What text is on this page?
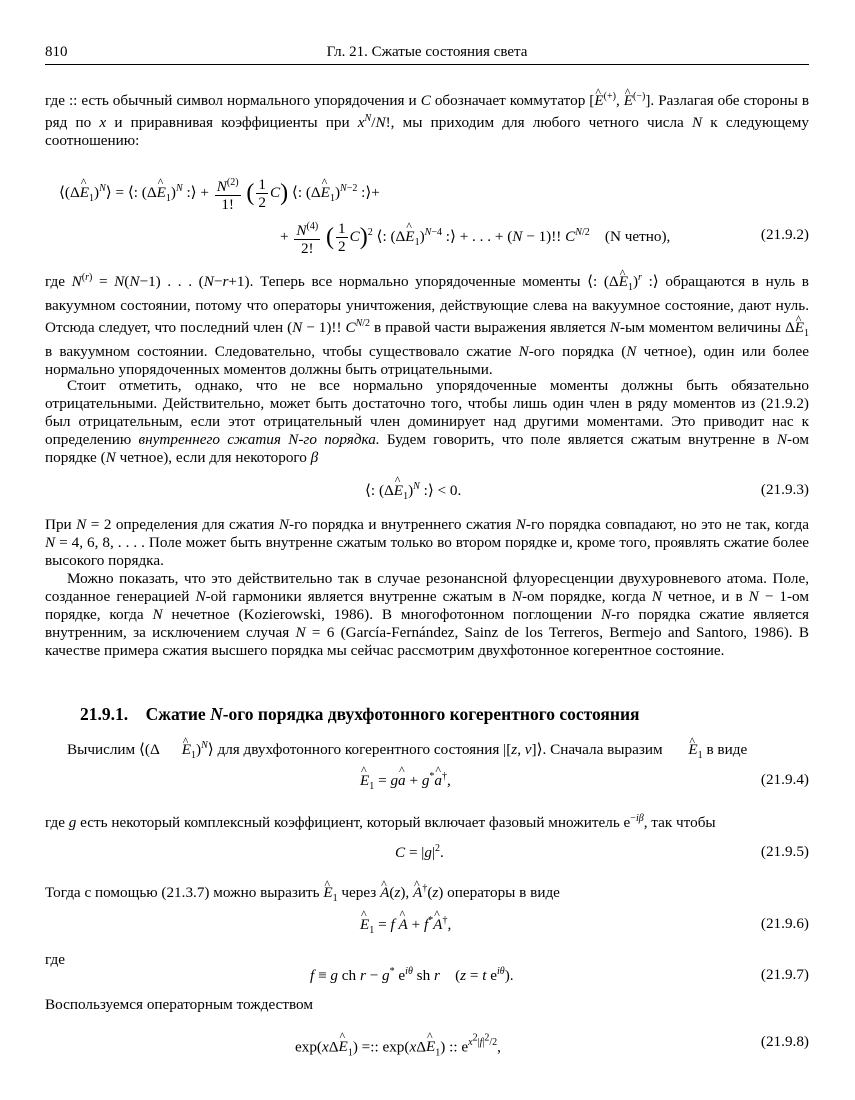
810	Гл. 21. Сжатые состояния света

где :: есть обычный символ нормального упорядочения и C обозначает коммутатор [^ E(+), ^ E(−)]. Разлагая обе стороны в ряд по x и приравнивая коэффициенты при $x^N/N$!, мы приходим для любого четного числа N к следующему соотношению:

⟨(Δ^ $E_1)^N⟩$ = ⟨: (Δ^ $E_1)^N$ :⟩ + $\frac{N^{(2)}}{1!}$ ( $\frac{1}{2} C$) ⟨: (Δ^ $E_1)^{N-2}$ :⟩+
+ $\frac{N^{(4)}}{2!}$ ( $\frac{1}{2} C)^2$ ⟨: (Δ^ $E_1)^{N-4}$ :⟩ + . . . + (N − 1)!! $C^{N/2}$ (N четно),	(21.9.2)

где $N^{(r)} = N(N-1)$ . . . (N−r+1). Теперь все нормально упорядоченные моменты ⟨: (Δ^ $E_1)^r$ :⟩ обращаются в нуль в вакуумном состоянии, потому что операторы уничтожения, действующие слева на вакуумное состояние, дают нуль. Отсюда следует, что последний член (N − 1)!! $C^{N/2}$ в правой части выражения является N-ым моментом величины Δ^ $E_1$ в вакуумном состоянии. Следовательно, чтобы существовало сжатие N-ого порядка (N четное), один или более нормально упорядоченных моментов должны быть отрицательными.

Стоит отметить, однако, что не все нормально упорядоченные моменты должны быть обязательно отрицательными. Действительно, может быть достаточно того, чтобы лишь один член в ряду моментов из (21.9.2) был отрицательным, если этот отрицательный член доминирует над другими моментами. Это приводит нас к определению внутреннего сжатия N-го порядка. Будем говорить, что поле является сжатым внутренне в N-ом порядке (N четное), если для некоторого β

⟨: (Δ^ $E_1)^N$ :⟩ < 0.	(21.9.3)

При N = 2 определения для сжатия N-го порядка и внутреннего сжатия N-го порядка совпадают, но это не так, когда N = 4, 6, 8, . . . . Поле может быть внутренне сжатым только во втором порядке и, кроме того, проявлять сжатие более высокого порядка.

Можно показать, что это действительно так в случае резонансной флуоресценции двухуровневого атома. Поле, созданное генерацией N-ой гармоники является внутренне сжатым в N-ом порядке, когда N четное, и в N − 1-ом порядке, когда N нечетное (Kozierowski, 1986). В многофотонном поглощении N-го порядка сжатие является внутренним, за исключением случая N = 6 (García-Fernández, Sainz de los Terreros, Bermejo and Santoro, 1986). В качестве примера сжатия высшего порядка мы сейчас рассмотрим двухфотонное когерентное состояние.

21.9.1. Сжатие N-ого порядка двухфотонного когерентного состояния

Вычислим ⟨(Δ ^ $E_1)^N⟩$ для двухфотонного когерентного состояния |[z, v]⟩. Сначала выразим ^ $E_1$ в виде

^ $E_1$ = g^ a + g*^ a†,	(21.9.4)

где g есть некоторый комплексный коэффициент, который включает фазовый множитель $e^{-i\beta}$, так чтобы

$C = |g|^2$.	(21.9.5)

Тогда с помощью (21.3.7) можно выразить ^ $E_1$ через ^ A(z), ^ A†(z) операторы в виде

^ $E_1 = f$ ^ A + f*^ A†,	(21.9.6)

где

f ≡ g ch r − g* $e^{i\theta}$ sh r    (z = t $e^{i\theta}$).	(21.9.7)

Воспользуемся операторным тождеством

exp(xΔ^ $E_1$) =:: exp(xΔ^ $E_1$) :: $e^{x^2|f|^2/2}$,	(21.9.8)
